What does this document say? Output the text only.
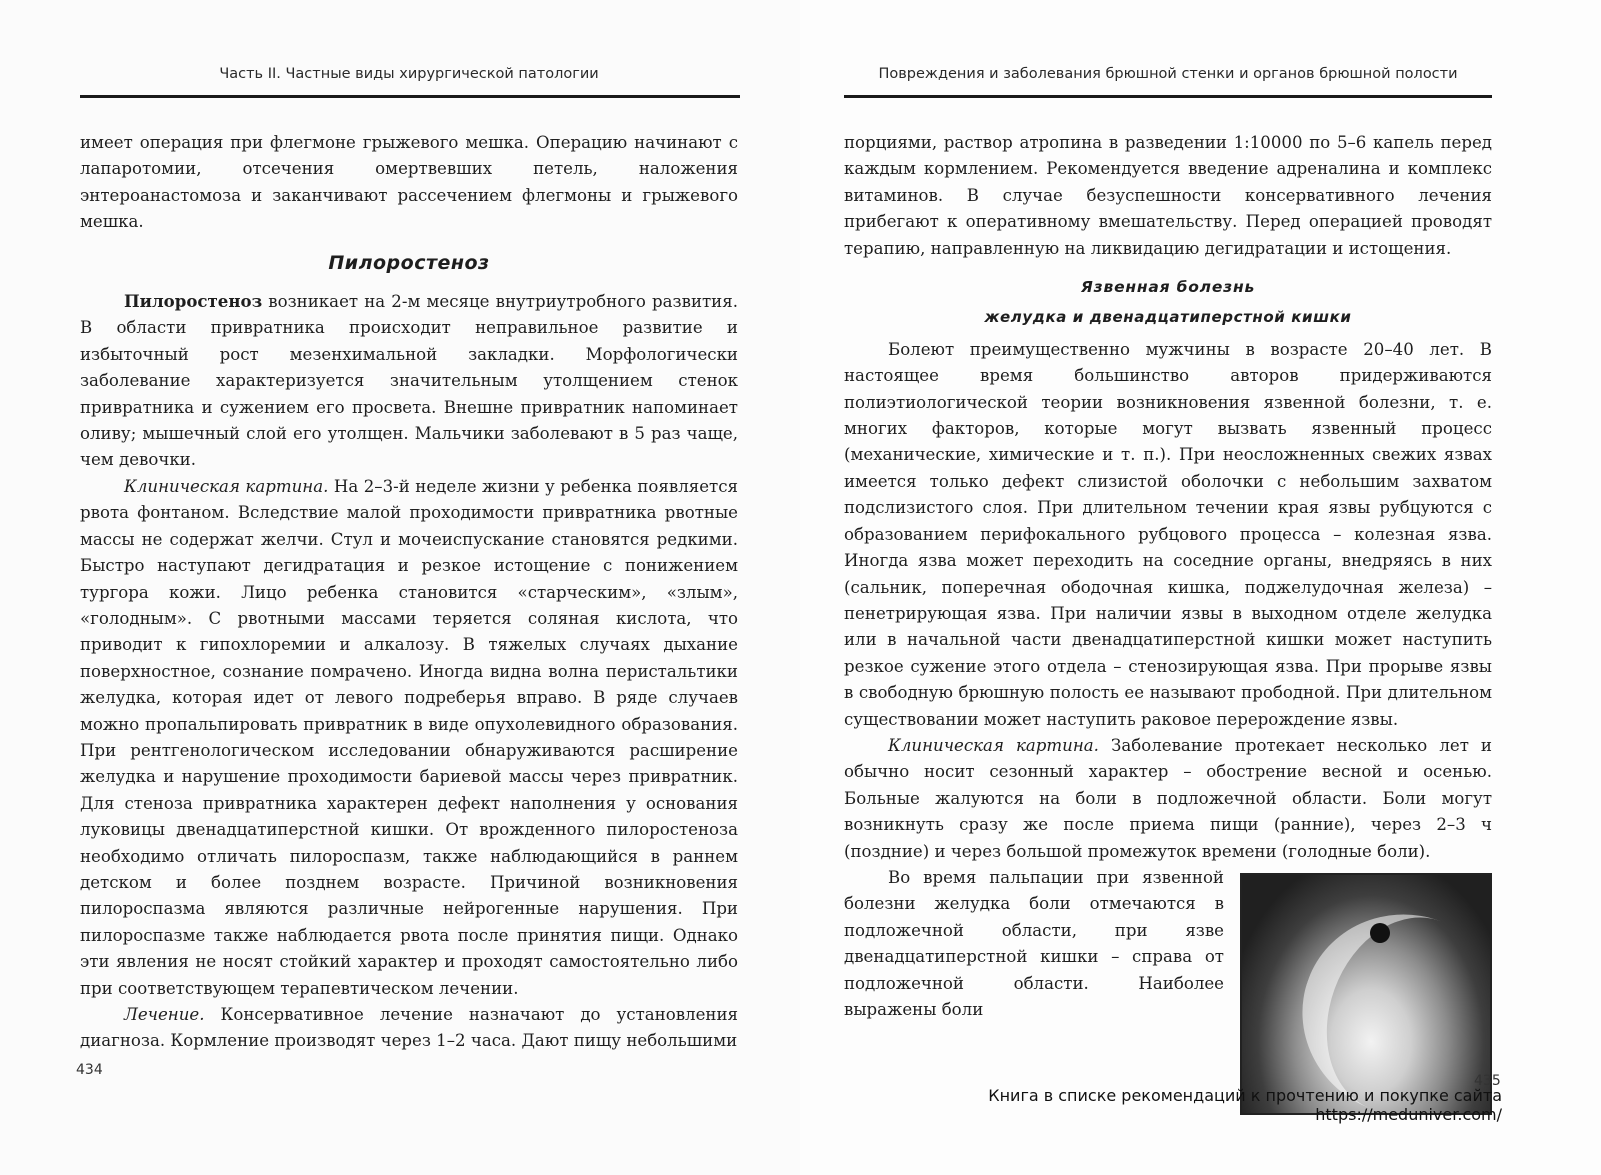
Часть II. Частные виды хирургической патологии

имеет операция при флегмоне грыжевого мешка. Операцию начинают с лапаротомии, отсечения омертвевших петель, наложения энтероанастомоза и заканчивают рассечением флегмоны и грыжевого мешка.

Пилоростеноз

Пилоростеноз возникает на 2-м месяце внутриутробного развития. В области привратника происходит неправильное развитие и избыточный рост мезенхимальной закладки. Морфологически заболевание характеризуется значительным утолщением стенок привратника и сужением его просвета. Внешне привратник напоминает оливу; мышечный слой его утолщен. Мальчики заболевают в 5 раз чаще, чем девочки.

Клиническая картина. На 2–3-й неделе жизни у ребенка появляется рвота фонтаном. Вследствие малой проходимости привратника рвотные массы не содержат желчи. Стул и мочеиспускание становятся редкими. Быстро наступают дегидратация и резкое истощение с понижением тургора кожи. Лицо ребенка становится «старческим», «злым», «голодным». С рвотными массами теряется соляная кислота, что приводит к гипохлоремии и алкалозу. В тяжелых случаях дыхание поверхностное, сознание помрачено. Иногда видна волна перистальтики желудка, которая идет от левого подреберья вправо. В ряде случаев можно пропальпировать привратник в виде опухолевидного образования. При рентгенологическом исследовании обнаруживаются расширение желудка и нарушение проходимости бариевой массы через привратник. Для стеноза привратника характерен дефект наполнения у основания луковицы двенадцатиперстной кишки. От врожденного пилоростеноза необходимо отличать пилороспазм, также наблюдающийся в раннем детском и более позднем возрасте. Причиной возникновения пилороспазма являются различные нейрогенные нарушения. При пилороспазме также наблюдается рвота после принятия пищи. Однако эти явления не носят стойкий характер и проходят самостоятельно либо при соответствующем терапевтическом лечении.

Лечение. Консервативное лечение назначают до установления диагноза. Кормление производят через 1–2 часа. Дают пищу небольшими

434
Повреждения и заболевания брюшной стенки и органов брюшной полости

порциями, раствор атропина в разведении 1:10000 по 5–6 капель перед каждым кормлением. Рекомендуется введение адреналина и комплекс витаминов. В случае безуспешности консервативного лечения прибегают к оперативному вмешательству. Перед операцией проводят терапию, направленную на ликвидацию дегидратации и истощения.

Язвенная болезнь
желудка и двенадцатиперстной кишки

Болеют преимущественно мужчины в возрасте 20–40 лет. В настоящее время большинство авторов придерживаются полиэтиологической теории возникновения язвенной болезни, т. е. многих факторов, которые могут вызвать язвенный процесс (механические, химические и т. п.). При неосложненных свежих язвах имеется только дефект слизистой оболочки с небольшим захватом подслизистого слоя. При длительном течении края язвы рубцуются с образованием перифокального рубцового процесса – колезная язва. Иногда язва может переходить на соседние органы, внедряясь в них (сальник, поперечная ободочная кишка, поджелудочная железа) – пенетрирующая язва. При наличии язвы в выходном отделе желудка или в начальной части двенадцатиперстной кишки может наступить резкое сужение этого отдела – стенозирующая язва. При прорыве язвы в свободную брюшную полость ее называют прободной. При длительном существовании может наступить раковое перерождение язвы.

Клиническая картина. Заболевание протекает несколько лет и обычно носит сезонный характер – обострение весной и осенью. Больные жалуются на боли в подложечной области. Боли могут возникнуть сразу же после приема пищи (ранние), через 2–3 ч (поздние) и через большой промежуток времени (голодные боли).

Во время пальпации при язвенной болезни желудка боли отмечаются в подложечной области, при язве двенадцатиперстной кишки – справа от подложечной области. Наиболее выражены боли

435
Книга в списке рекомендаций к прочтению и покупке сайта https://meduniver.com/
